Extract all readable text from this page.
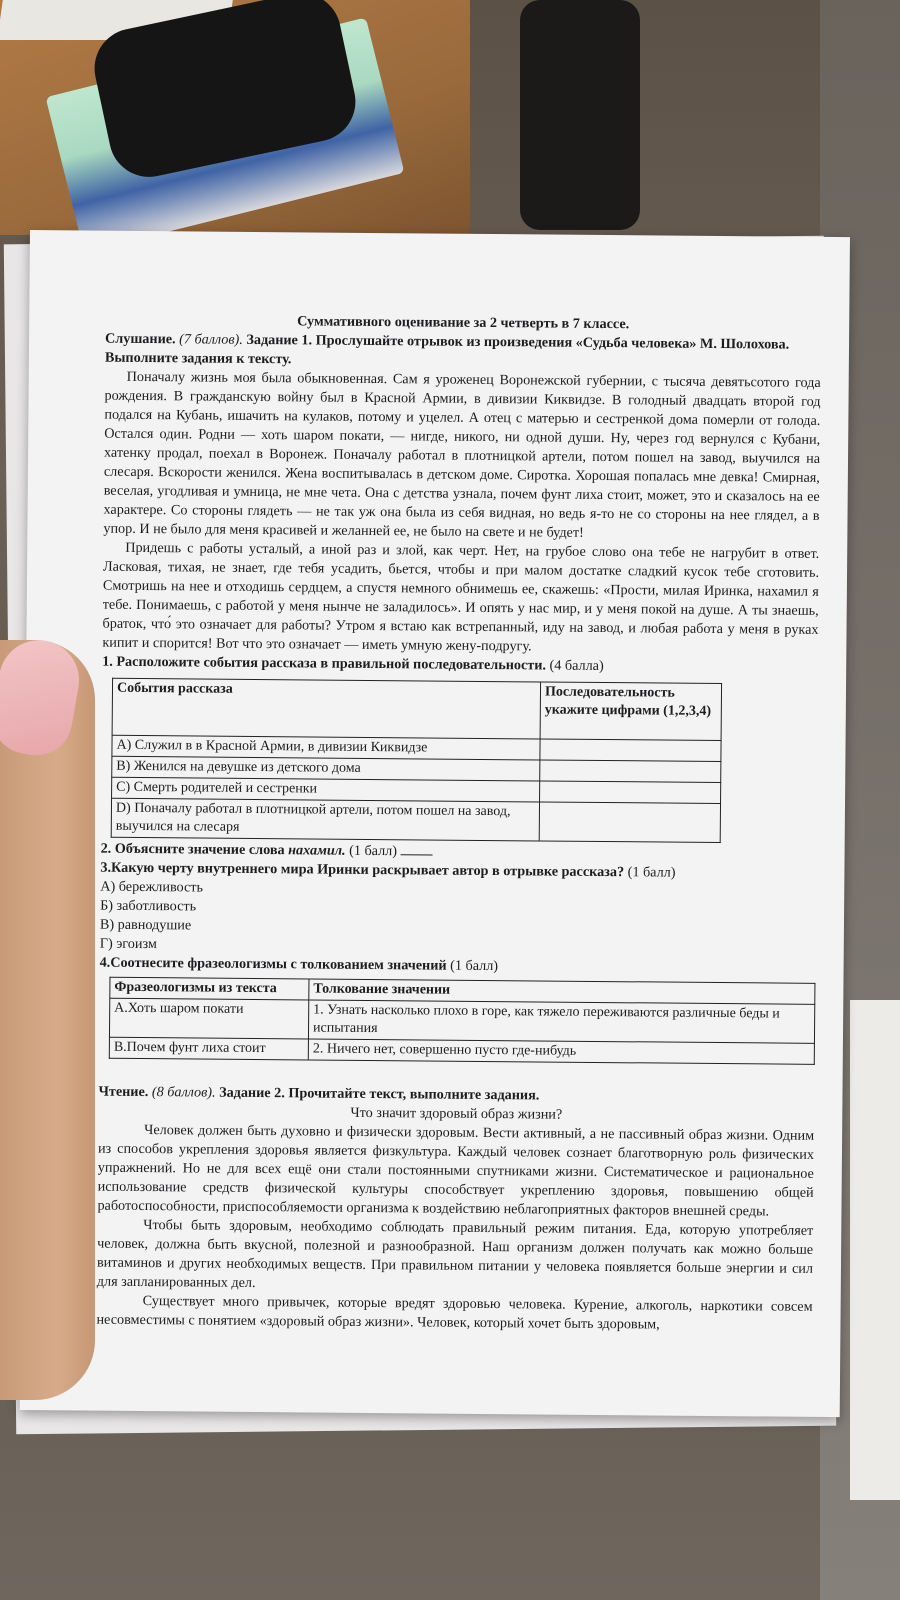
Суммативного оценивание за 2 четверть в 7 классе.
Слушание. (7 баллов). Задание 1. Прослушайте отрывок из произведения «Судьба человека» М. Шолохова. Выполните задания к тексту.

Поначалу жизнь моя была обыкновенная. Сам я уроженец Воронежской губернии, с тысяча девятьсотого года рождения. В гражданскую войну был в Красной Армии, в дивизии Киквидзе. В голодный двадцать второй год подался на Кубань, ишачить на кулаков, потому и уцелел. А отец с матерью и сестренкой дома померли от голода. Остался один. Родни — хоть шаром покати, — нигде, никого, ни одной души. Ну, через год вернулся с Кубани, хатенку продал, поехал в Воронеж. Поначалу работал в плотницкой артели, потом пошел на завод, выучился на слесаря. Вскорости женился. Жена воспитывалась в детском доме. Сиротка. Хорошая попалась мне девка! Смирная, веселая, угодливая и умница, не мне чета. Она с детства узнала, почем фунт лиха стоит, может, это и сказалось на ее характере. Со стороны глядеть — не так уж она была из себя видная, но ведь я-то не со стороны на нее глядел, а в упор. И не было для меня красивей и желанней ее, не было на свете и не будет!

Придешь с работы усталый, а иной раз и злой, как черт. Нет, на грубое слово она тебе не нагрубит в ответ. Ласковая, тихая, не знает, где тебя усадить, бьется, чтобы и при малом достатке сладкий кусок тебе сготовить. Смотришь на нее и отходишь сердцем, а спустя немного обнимешь ее, скажешь: «Прости, милая Иринка, нахамил я тебе. Понимаешь, с работой у меня нынче не заладилось». И опять у нас мир, и у меня покой на душе. А ты знаешь, браток, что́ это означает для работы? Утром я встаю как встрепанный, иду на завод, и любая работа у меня в руках кипит и спорится! Вот что это означает — иметь умную жену-подругу.

1. Расположите события рассказа в правильной последовательности. (4 балла)
События рассказа	Последовательность укажите цифрами (1,2,3,4)
A) Служил в в Красной Армии, в дивизии Киквидзе	
B) Женился на девушке из детского дома	
C) Смерть родителей и сестренки	
D) Поначалу работал в плотницкой артели, потом пошел на завод, выучился на слесаря	
2. Объясните значение слова нахамил. (1 балл)
3.Какую черту внутреннего мира Иринки раскрывает автор в отрывке рассказа? (1 балл)
А) бережливость
Б) заботливость
В) равнодушие
Г) эгоизм
4.Соотнесите фразеологизмы с толкованием значений (1 балл)
Фразеологизмы из текста	Толкование значении
А.Хоть шаром покати	1. Узнать насколько плохо в горе, как тяжело переживаются различные беды и испытания
В.Почем фунт лиха стоит	2. Ничего нет, совершенно пусто где-нибудь
Чтение. (8 баллов). Задание 2. Прочитайте текст, выполните задания.
Что значит здоровый образ жизни?

Человек должен быть духовно и физически здоровым. Вести активный, а не пассивный образ жизни. Одним из способов укрепления здоровья является физкультура. Каждый человек сознает благотворную роль физических упражнений. Но не для всех ещё они стали постоянными спутниками жизни. Систематическое и рациональное использование средств физической культуры способствует укреплению здоровья, повышению общей работоспособности, приспособляемости организма к воздействию неблагоприятных факторов внешней среды.

Чтобы быть здоровым, необходимо соблюдать правильный режим питания. Еда, которую употребляет человек, должна быть вкусной, полезной и разнообразной. Наш организм должен получать как можно больше витаминов и других необходимых веществ. При правильном питании у человека появляется больше энергии и сил для запланированных дел.

Существует много привычек, которые вредят здоровью человека. Курение, алкоголь, наркотики совсем несовместимы с понятием «здоровый образ жизни». Человек, который хочет быть здоровым,
